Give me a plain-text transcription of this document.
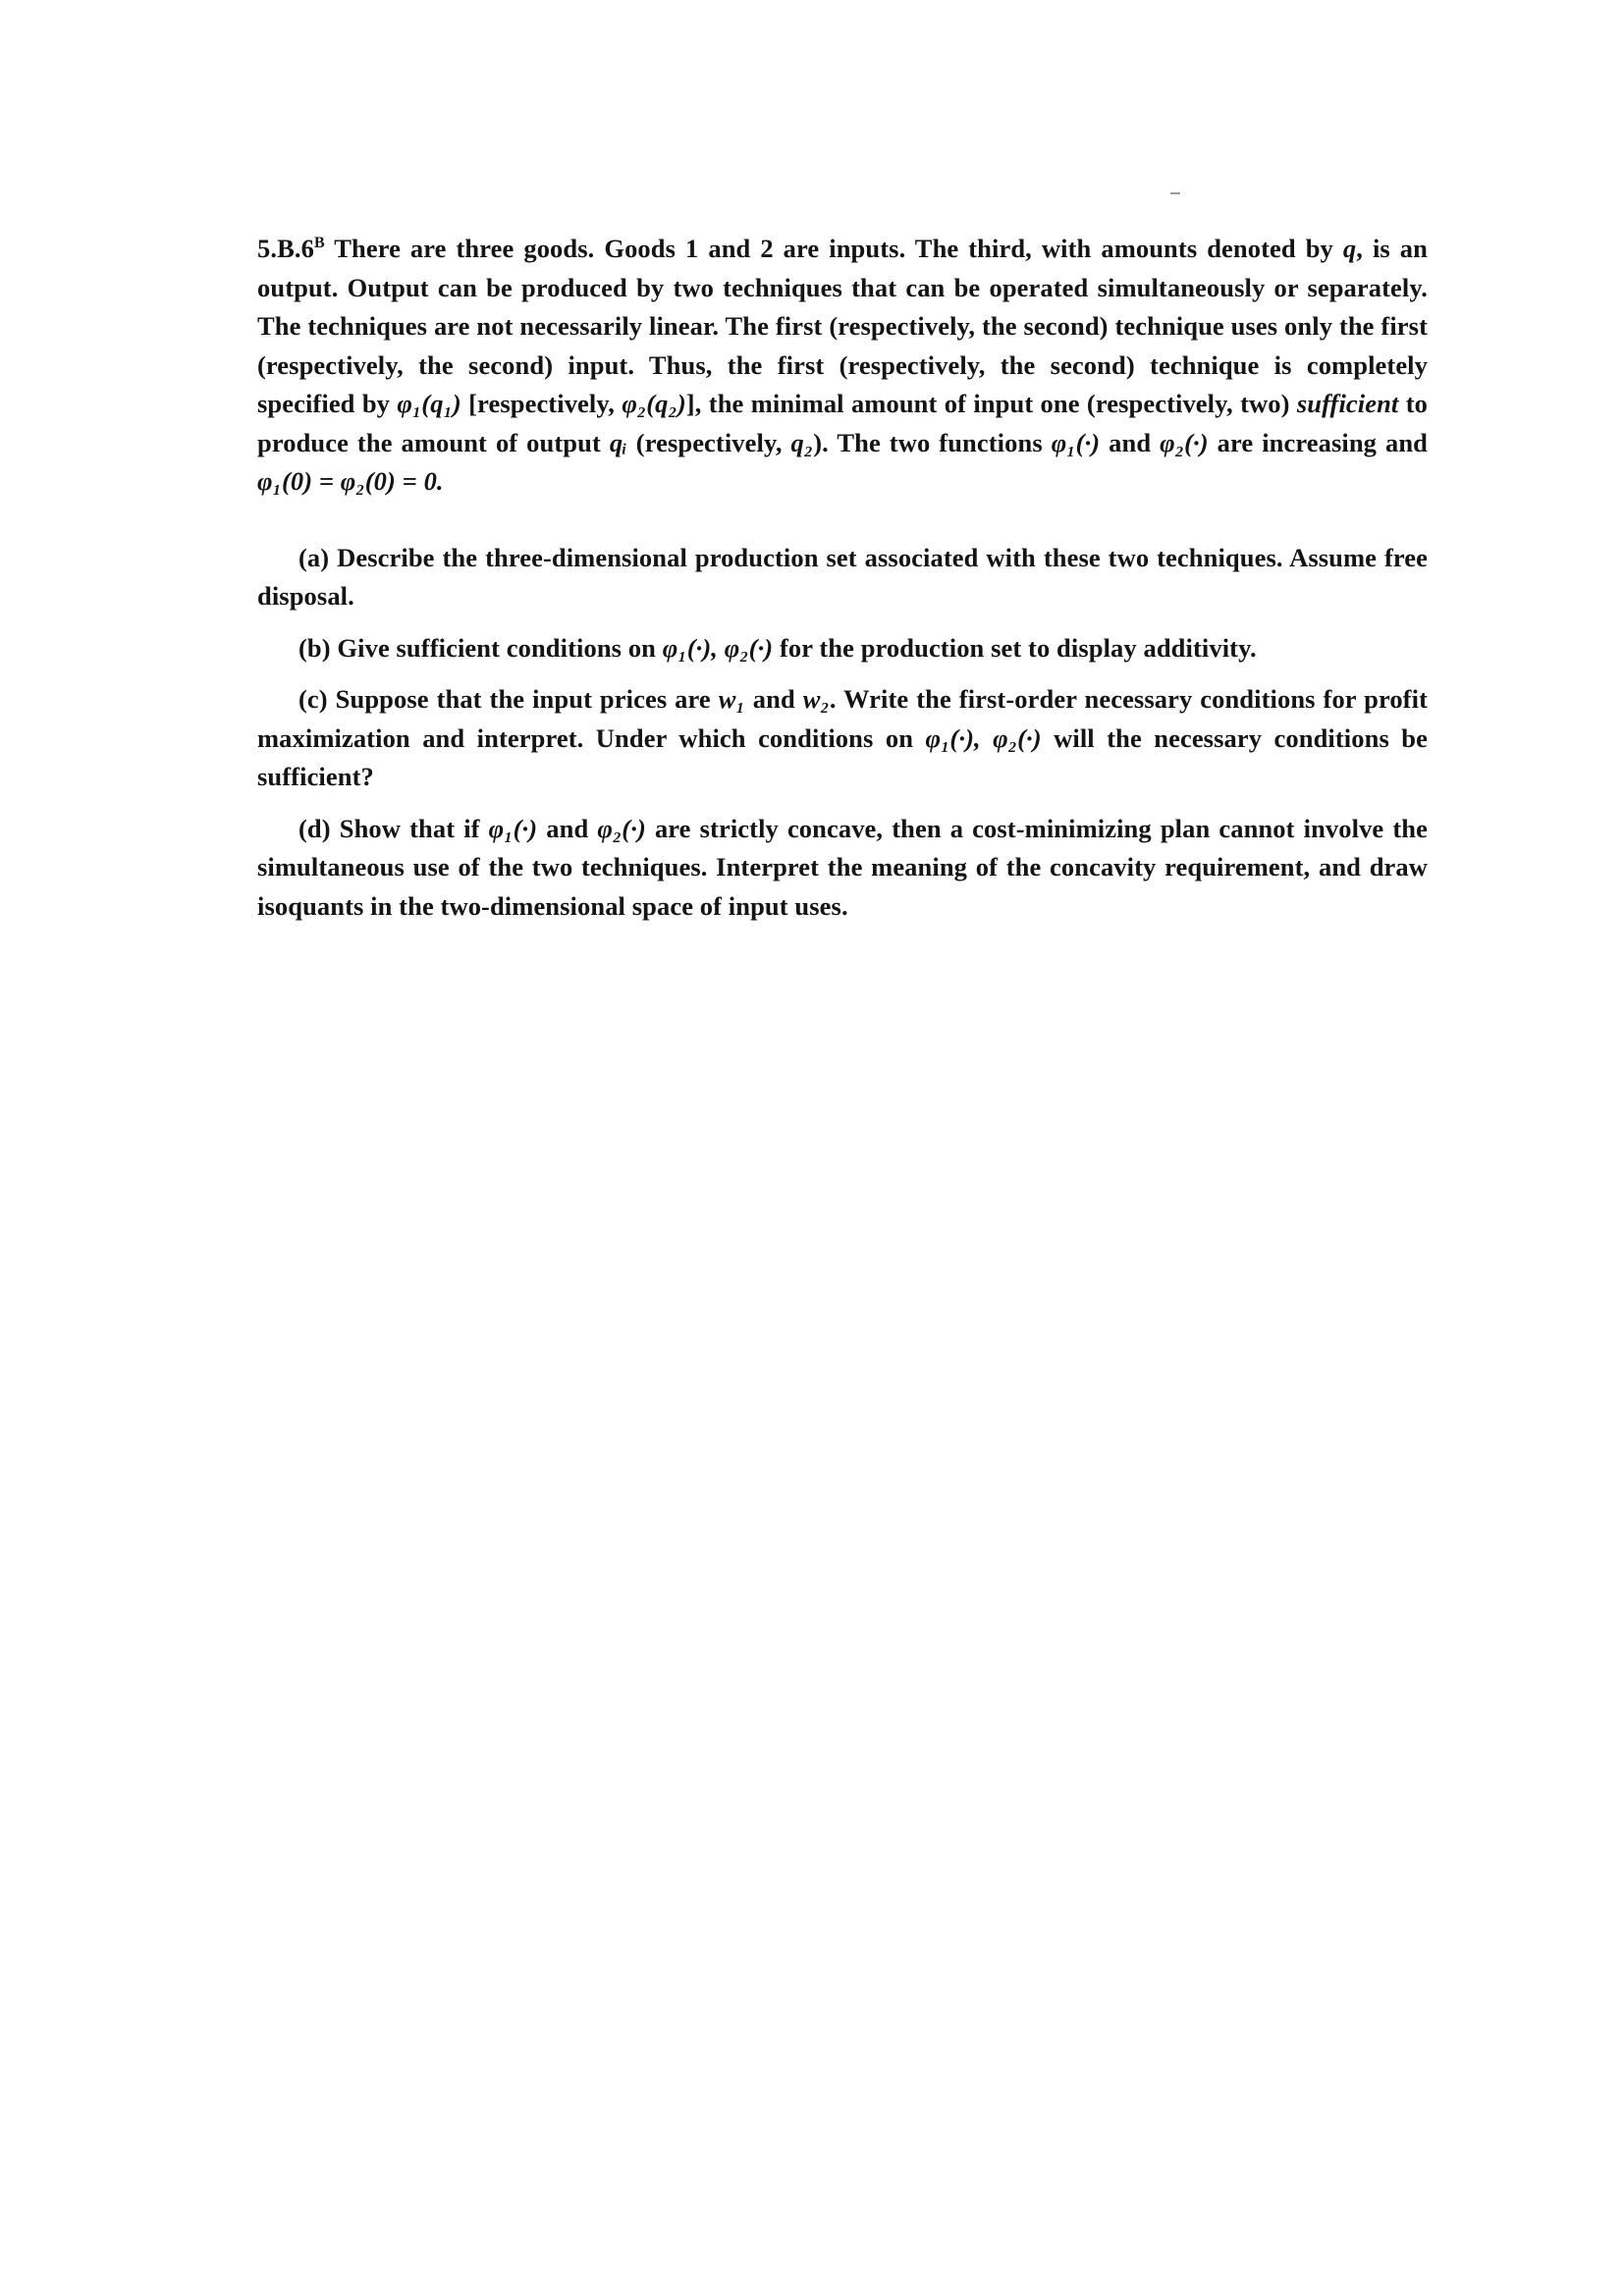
$5.B.6^B$ There are three goods. Goods 1 and 2 are inputs. The third, with amounts denoted by q, is an output. Output can be produced by two techniques that can be operated simultaneously or separately. The techniques are not necessarily linear. The first (respectively, the second) technique uses only the first (respectively, the second) input. Thus, the first (respectively, the second) technique is completely specified by φ₁(q₁) [respectively, φ₂(q₂)], the minimal amount of input one (respectively, two) sufficient to produce the amount of output qᵢ (respectively, q₂). The two functions φ₁(·) and φ₂(·) are increasing and φ₁(0) = φ₂(0) = 0.

(a) Describe the three-dimensional production set associated with these two techniques. Assume free disposal.

(b) Give sufficient conditions on φ₁(·), φ₂(·) for the production set to display additivity.

(c) Suppose that the input prices are w₁ and w₂. Write the first-order necessary conditions for profit maximization and interpret. Under which conditions on φ₁(·), φ₂(·) will the necessary conditions be sufficient?

(d) Show that if φ₁(·) and φ₂(·) are strictly concave, then a cost-minimizing plan cannot involve the simultaneous use of the two techniques. Interpret the meaning of the concavity requirement, and draw isoquants in the two-dimensional space of input uses.
